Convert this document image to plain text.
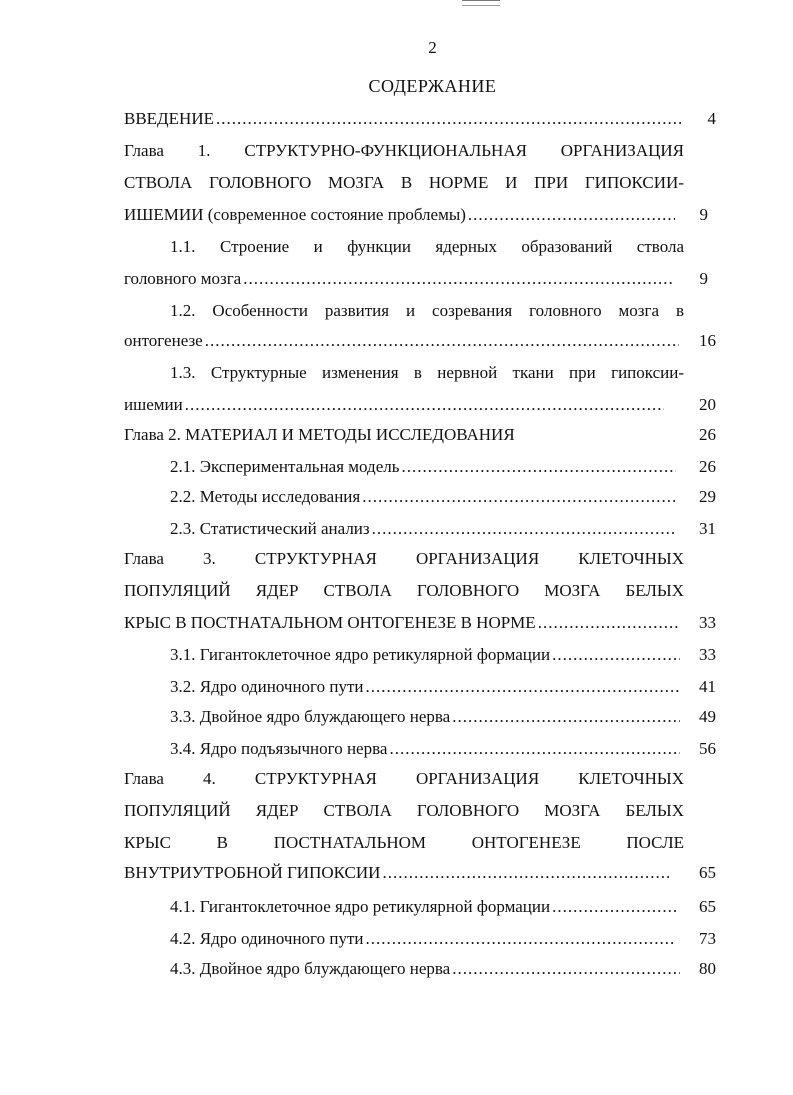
2
СОДЕРЖАНИЕ
ВВЕДЕНИЕ .....	4
Глава 1. СТРУКТУРНО-ФУНКЦИОНАЛЬНАЯ ОРГАНИЗАЦИЯ
СТВОЛА ГОЛОВНОГО МОЗГА В НОРМЕ И ПРИ ГИПОКСИИ-
ИШЕМИИ (современное состояние проблемы) .....	9
1.1. Строение и функции ядерных образований ствола
головного мозга .....	9
1.2. Особенности развития и созревания головного мозга в
онтогенезе .....	16
1.3. Структурные изменения в нервной ткани при гипоксии-
ишемии .....	20
Глава 2. МАТЕРИАЛ И МЕТОДЫ ИССЛЕДОВАНИЯ	26
2.1. Экспериментальная модель .....	26
2.2. Методы исследования .....	29
2.3. Статистический анализ .....	31
Глава 3. СТРУКТУРНАЯ ОРГАНИЗАЦИЯ КЛЕТОЧНЫХ
ПОПУЛЯЦИЙ ЯДЕР СТВОЛА ГОЛОВНОГО МОЗГА БЕЛЫХ
КРЫС В ПОСТНАТАЛЬНОМ ОНТОГЕНЕЗЕ В НОРМЕ .....	33
3.1. Гигантоклеточное ядро ретикулярной формации .....	33
3.2. Ядро одиночного пути .....	41
3.3. Двойное ядро блуждающего нерва .....	49
3.4. Ядро подъязычного нерва .....	56
Глава 4. СТРУКТУРНАЯ ОРГАНИЗАЦИЯ КЛЕТОЧНЫХ
ПОПУЛЯЦИЙ ЯДЕР СТВОЛА ГОЛОВНОГО МОЗГА БЕЛЫХ
КРЫС В ПОСТНАТАЛЬНОМ ОНТОГЕНЕЗЕ ПОСЛЕ
ВНУТРИУТРОБНОЙ ГИПОКСИИ .....	65
4.1. Гигантоклеточное ядро ретикулярной формации .....	65
4.2. Ядро одиночного пути .....	73
4.3. Двойное ядро блуждающего нерва .....	80
